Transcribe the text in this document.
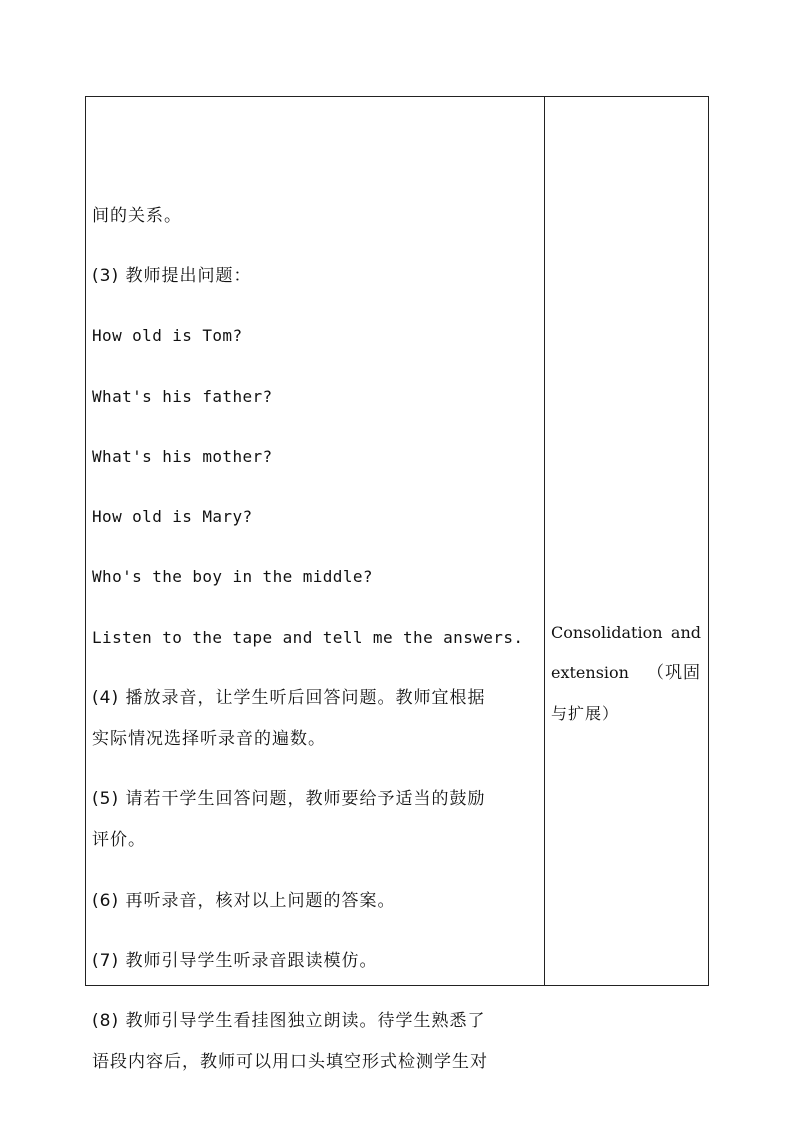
间的关系。
(3) 教师提出问题：
How old is Tom?
What's his father?
What's his mother?
How old is Mary?
Who's the boy in the middle?
Listen to the tape and tell me the answers.
(4) 播放录音，让学生听后回答问题。教师宜根据
实际情况选择听录音的遍数。
(5) 请若干学生回答问题，教师要给予适当的鼓励
评价。
(6) 再听录音，核对以上问题的答案。
(7) 教师引导学生听录音跟读模仿。
(8) 教师引导学生看挂图独立朗读。待学生熟悉了
语段内容后，教师可以用口头填空形式检测学生对
Consolidation and
extension （巩固
与扩展）
